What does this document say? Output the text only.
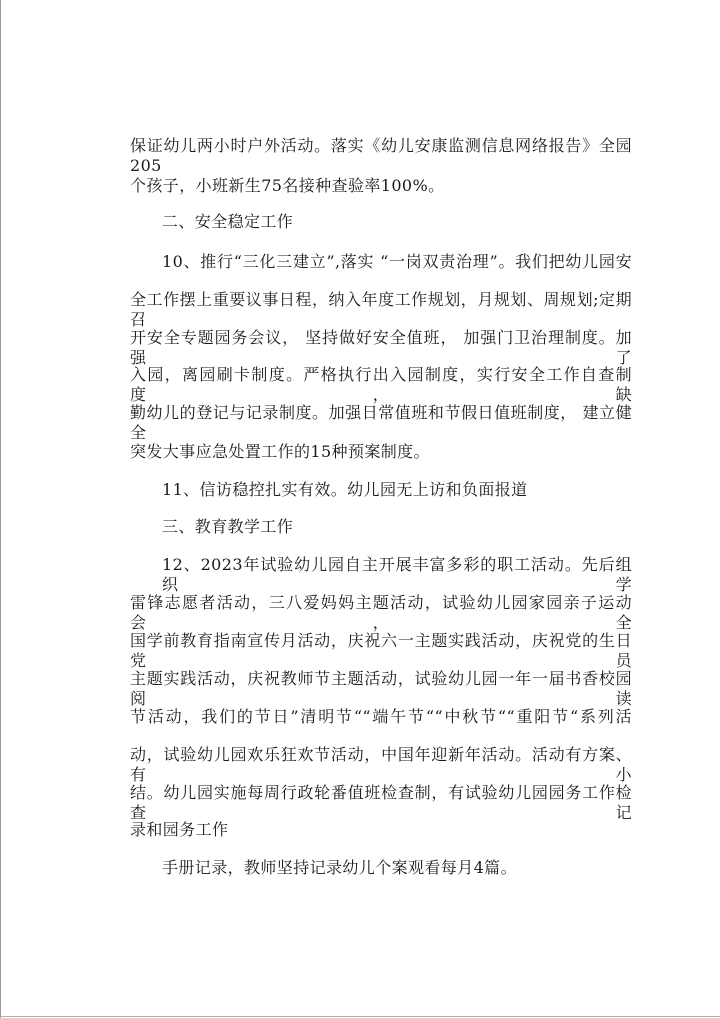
保证幼儿两小时户外活动。落实《幼儿安康监测信息网络报告》全园205
个孩子，小班新生75名接种查验率100%。
二、安全稳定工作
10、推行“三化三建立”,落实 “一岗双责治理”。我们把幼儿园安
全工作摆上重要议事日程，纳入年度工作规划，月规划、周规划;定期召
开安全专题园务会议， 坚持做好安全值班， 加强门卫治理制度。加强了
入园，离园刷卡制度。严格执行出入园制度，实行安全工作自查制度，缺
勤幼儿的登记与记录制度。加强日常值班和节假日值班制度， 建立健全
突发大事应急处置工作的15种预案制度。
11、信访稳控扎实有效。幼儿园无上访和负面报道
三、教育教学工作
12、2023年试验幼儿园自主开展丰富多彩的职工活动。先后组织学
雷锋志愿者活动，三八爱妈妈主题活动，试验幼儿园家园亲子运动会，全
国学前教育指南宣传月活动，庆祝六一主题实践活动，庆祝党的生日党员
主题实践活动，庆祝教师节主题活动，试验幼儿园一年一届书香校园阅读
节活动，我们的节日”清明节““端午节““中秋节““重阳节“系列活
动，试验幼儿园欢乐狂欢节活动，中国年迎新年活动。活动有方案、有小
结。幼儿园实施每周行政轮番值班检查制，有试验幼儿园园务工作检查记
录和园务工作
手册记录，教师坚持记录幼儿个案观看每月4篇。
